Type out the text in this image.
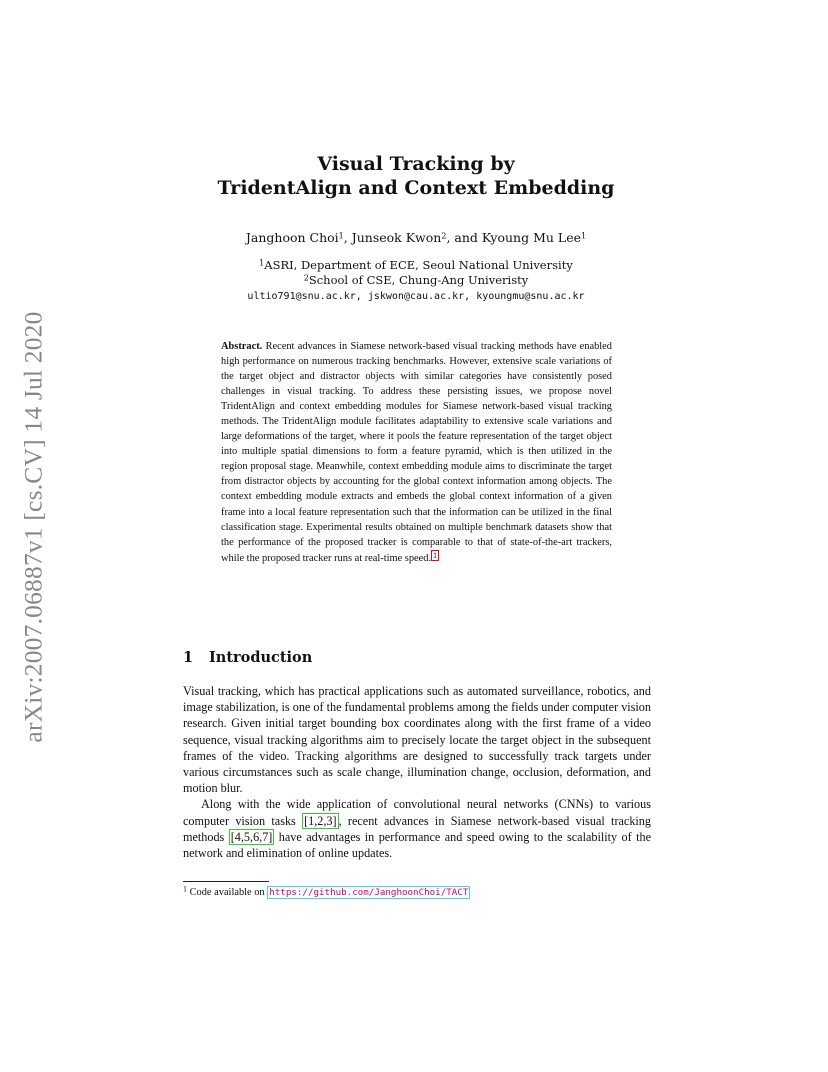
arXiv:2007.06887v1 [cs.CV] 14 Jul 2020
Visual Tracking by
TridentAlign and Context Embedding
Janghoon Choi$^1$, Junseok Kwon$^2$, and Kyoung Mu Lee$^1$
$^1$ASRI, Department of ECE, Seoul National University
$^2$School of CSE, Chung-Ang Univeristy
ultio791@snu.ac.kr, jskwon@cau.ac.kr, kyoungmu@snu.ac.kr
Abstract. Recent advances in Siamese network-based visual tracking methods have enabled high performance on numerous tracking benchmarks. However, extensive scale variations of the target object and distractor objects with similar categories have consistently posed challenges in visual tracking. To address these persisting issues, we propose novel TridentAlign and context embedding modules for Siamese network-based visual tracking methods. The TridentAlign module facilitates adaptability to extensive scale variations and large deformations of the target, where it pools the feature representation of the target object into multiple spatial dimensions to form a feature pyramid, which is then utilized in the region proposal stage. Meanwhile, context embedding module aims to discriminate the target from distractor objects by accounting for the global context information among objects. The context embedding module extracts and embeds the global context information of a given frame into a local feature representation such that the information can be utilized in the final classification stage. Experimental results obtained on multiple benchmark datasets show that the performance of the proposed tracker is comparable to that of state-of-the-art trackers, while the proposed tracker runs at real-time speed. 1
1 Introduction

Visual tracking, which has practical applications such as automated surveillance, robotics, and image stabilization, is one of the fundamental problems among the fields under computer vision research. Given initial target bounding box coordinates along with the first frame of a video sequence, visual tracking algorithms aim to precisely locate the target object in the subsequent frames of the video. Tracking algorithms are designed to successfully track targets under various circumstances such as scale change, illumination change, occlusion, deformation, and motion blur.

Along with the wide application of convolutional neural networks (CNNs) to various computer vision tasks [1,2,3] , recent advances in Siamese network-based visual tracking methods [4,5,6,7] have advantages in performance and speed owing to the scalability of the network and elimination of online updates.

$^1$ Code available on https://github.com/JanghoonChoi/TACT
